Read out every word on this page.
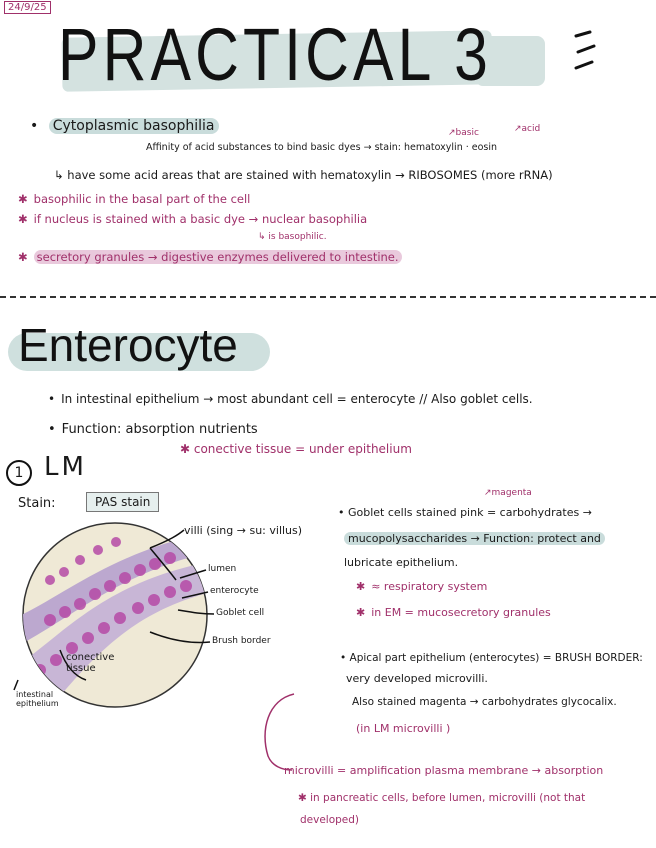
24/9/25
PRACTICAL 3
• Cytoplasmic basophilia	↗basic	↗acid
Affinity of acid substances to bind basic dyes → stain: hematoxylin · eosin
↳ have some acid areas that are stained with hematoxylin → RIBOSOMES (more rRNA)
✱ basophilic in the basal part of the cell
✱ if nucleus is stained with a basic dye → nuclear basophilia
↳ is basophilic.
✱ secretory granules → digestive enzymes delivered to intestine.
Enterocyte
• In intestinal epithelium → most abundant cell = enterocyte // Also goblet cells.
• Function: absorption nutrients
✱ conective tissue = under epithelium
1 LM
Stain:	PAS stain
villi (sing → su: villus)
lumen
enterocyte
Goblet cell
Brush border
conective tissue
intestinal epithelium
↗magenta
• Goblet cells stained pink = carbohydrates →
mucopolysaccharides → Function: protect and
lubricate epithelium.
✱ ≈ respiratory system
✱ in EM = mucosecretory granules
• Apical part epithelium (enterocytes) = BRUSH BORDER:
very developed microvilli.
Also stained magenta → carbohydrates glycocalix.
(in LM microvilli )
microvilli = amplification plasma membrane → absorption
✱ in pancreatic cells, before lumen, microvilli (not that
developed)
